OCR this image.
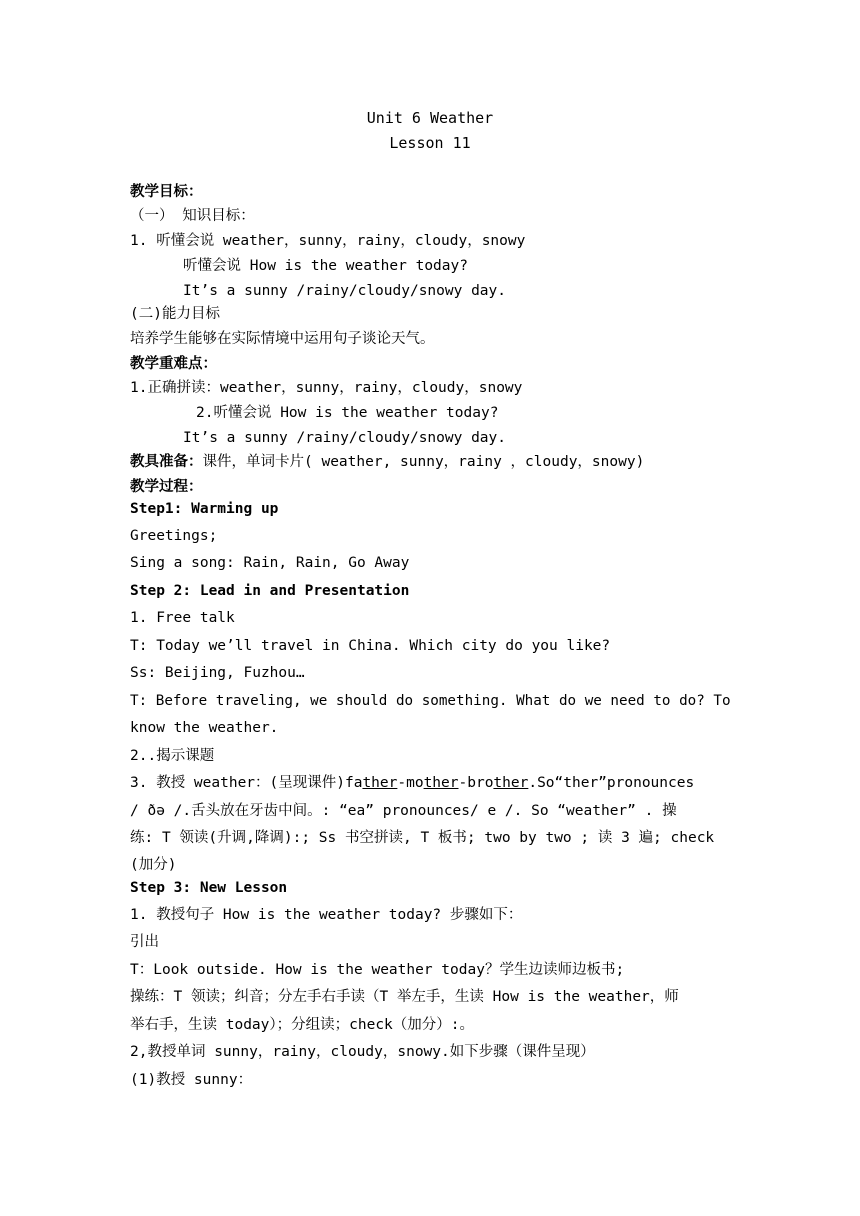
Unit 6 Weather
Lesson 11
教学目标：
（一） 知识目标：
1. 听懂会说 weather，sunny，rainy，cloudy，snowy
听懂会说 How is the weather today?
It’s a sunny /rainy/cloudy/snowy day.
(二)能力目标
培养学生能够在实际情境中运用句子谈论天气。
教学重难点：
1.正确拼读：weather，sunny，rainy，cloudy，snowy
2.听懂会说 How is the weather today?
It’s a sunny /rainy/cloudy/snowy day.
教具准备：课件，单词卡片( weather, sunny，rainy ，cloudy，snowy)
教学过程：
Step1: Warming up
Greetings;
Sing a song: Rain, Rain, Go Away
Step 2: Lead in and Presentation
1. Free talk
T: Today we’ll travel in China. Which city do you like?
Ss: Beijing, Fuzhou…
T: Before traveling, we should do something. What do we need to do? To
know the weather.
2..揭示课题
3. 教授 weather：(呈现课件)father-mother-brother.So“ther”pronounces
/ ðə /.舌头放在牙齿中间。: “ea” pronounces/ e /. So “weather” . 操
练: T 领读(升调,降调):; Ss 书空拼读, T 板书; two by two ; 读 3 遍; check
(加分)
Step 3: New Lesson
1. 教授句子 How is the weather today? 步骤如下：
引出
T：Look outside. How is the weather today？学生边读师边板书;
操练：T 领读；纠音；分左手右手读（T 举左手，生读 How is the weather，师
举右手，生读 today）；分组读；check（加分）:。
2,教授单词 sunny，rainy，cloudy，snowy.如下步骤（课件呈现）
(1)教授 sunny：
